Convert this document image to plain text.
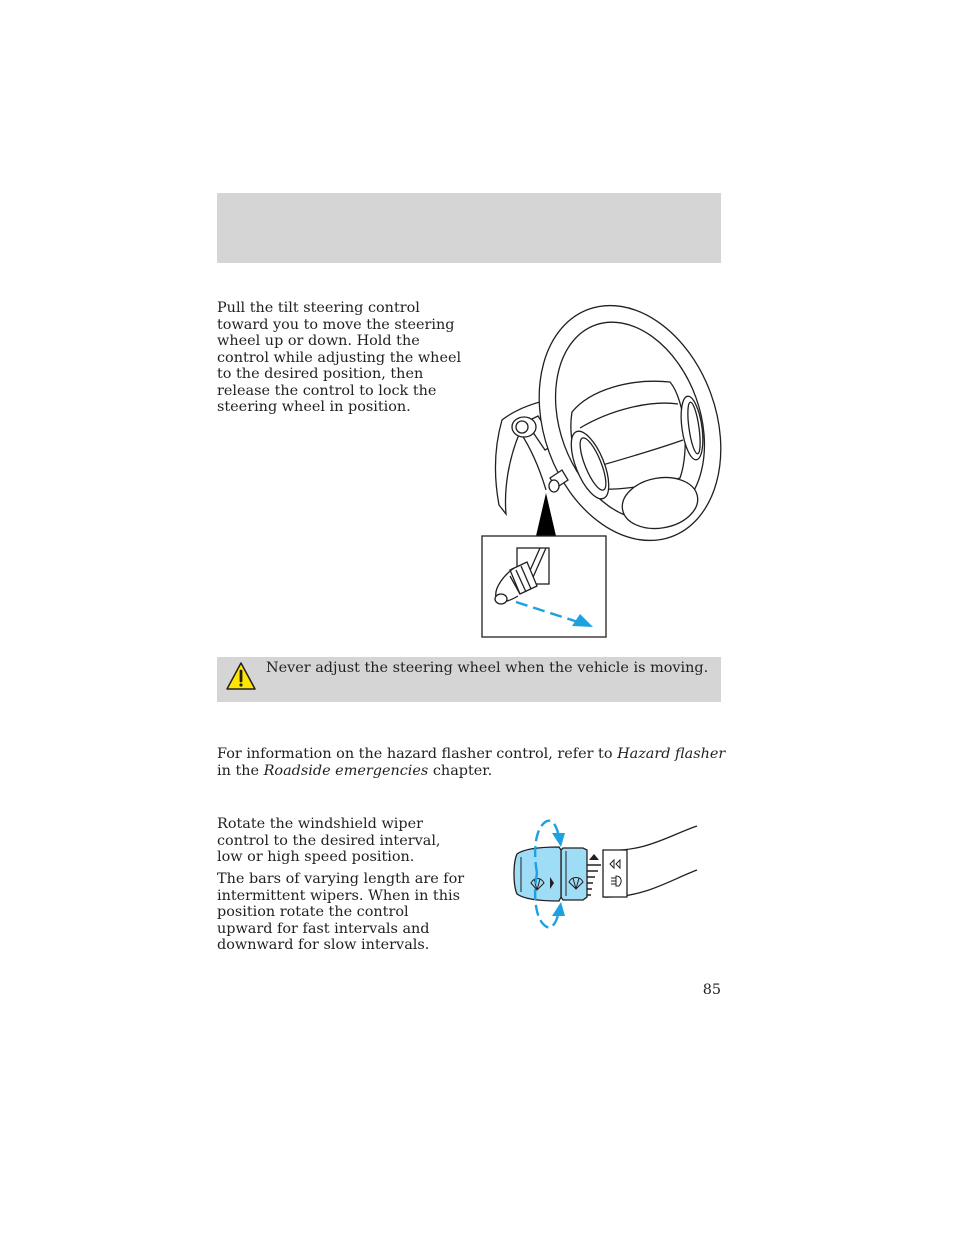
Pull the tilt steering control toward you to move the steering wheel up or down. Hold the control while adjusting the wheel to the desired position, then release the control to lock the steering wheel in position.

Never adjust the steering wheel when the vehicle is moving.

For information on the hazard flasher control, refer to Hazard flasher in the Roadside emergencies chapter.

Rotate the windshield wiper control to the desired interval, low or high speed position.

The bars of varying length are for intermittent wipers. When in this position rotate the control upward for fast intervals and downward for slow intervals.

85
